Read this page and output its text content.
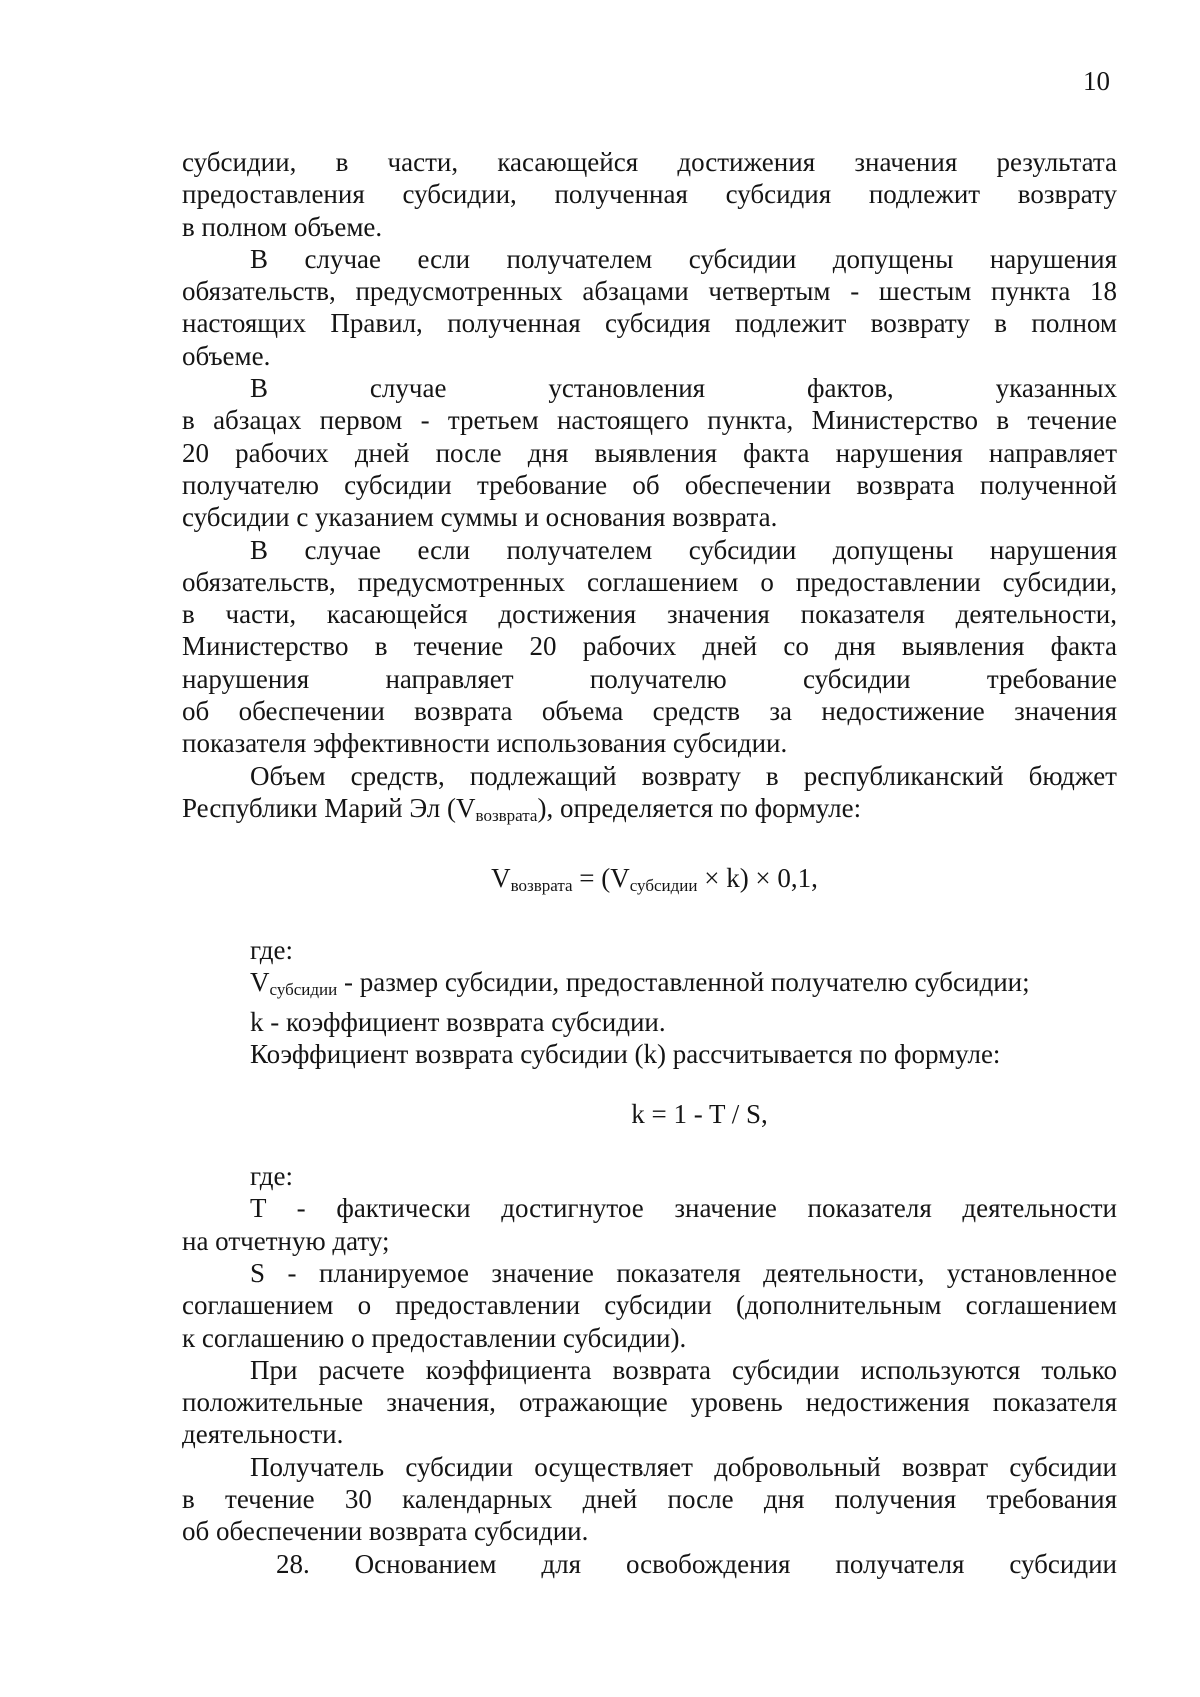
10

субсидии, в части, касающейся достижения значения результата
предоставления субсидии, полученная субсидия подлежит возврату
в полном объеме.

В случае если получателем субсидии допущены нарушения
обязательств, предусмотренных абзацами четвертым - шестым пункта 18
настоящих Правил, полученная субсидия подлежит возврату в полном
объеме.

В случае установления фактов, указанных
в абзацах первом - третьем настоящего пункта, Министерство в течение
20 рабочих дней после дня выявления факта нарушения направляет
получателю субсидии требование об обеспечении возврата полученной
субсидии с указанием суммы и основания возврата.

В случае если получателем субсидии допущены нарушения
обязательств, предусмотренных соглашением о предоставлении субсидии,
в части, касающейся достижения значения показателя деятельности,
Министерство в течение 20 рабочих дней со дня выявления факта
нарушения направляет получателю субсидии требование
об обеспечении возврата объема средств за недостижение значения
показателя эффективности использования субсидии.

Объем средств, подлежащий возврату в республиканский бюджет
Республики Марий Эл $(V_{возврата})$, определяется по формуле:

$V_{возврата} = (V_{субсидии} \times k) \times 0,1$,

где:

$V_{субсидии}$ - размер субсидии, предоставленной получателю субсидии;

k - коэффициент возврата субсидии.

Коэффициент возврата субсидии (k) рассчитывается по формуле:

k = 1 - T / S,

где:

T - фактически достигнутое значение показателя деятельности
на отчетную дату;

S - планируемое значение показателя деятельности, установленное
соглашением о предоставлении субсидии (дополнительным соглашением
к соглашению о предоставлении субсидии).

При расчете коэффициента возврата субсидии используются только
положительные значения, отражающие уровень недостижения показателя
деятельности.

Получатель субсидии осуществляет добровольный возврат субсидии
в течение 30 календарных дней после дня получения требования
об обеспечении возврата субсидии.

28. Основанием для освобождения получателя субсидии
